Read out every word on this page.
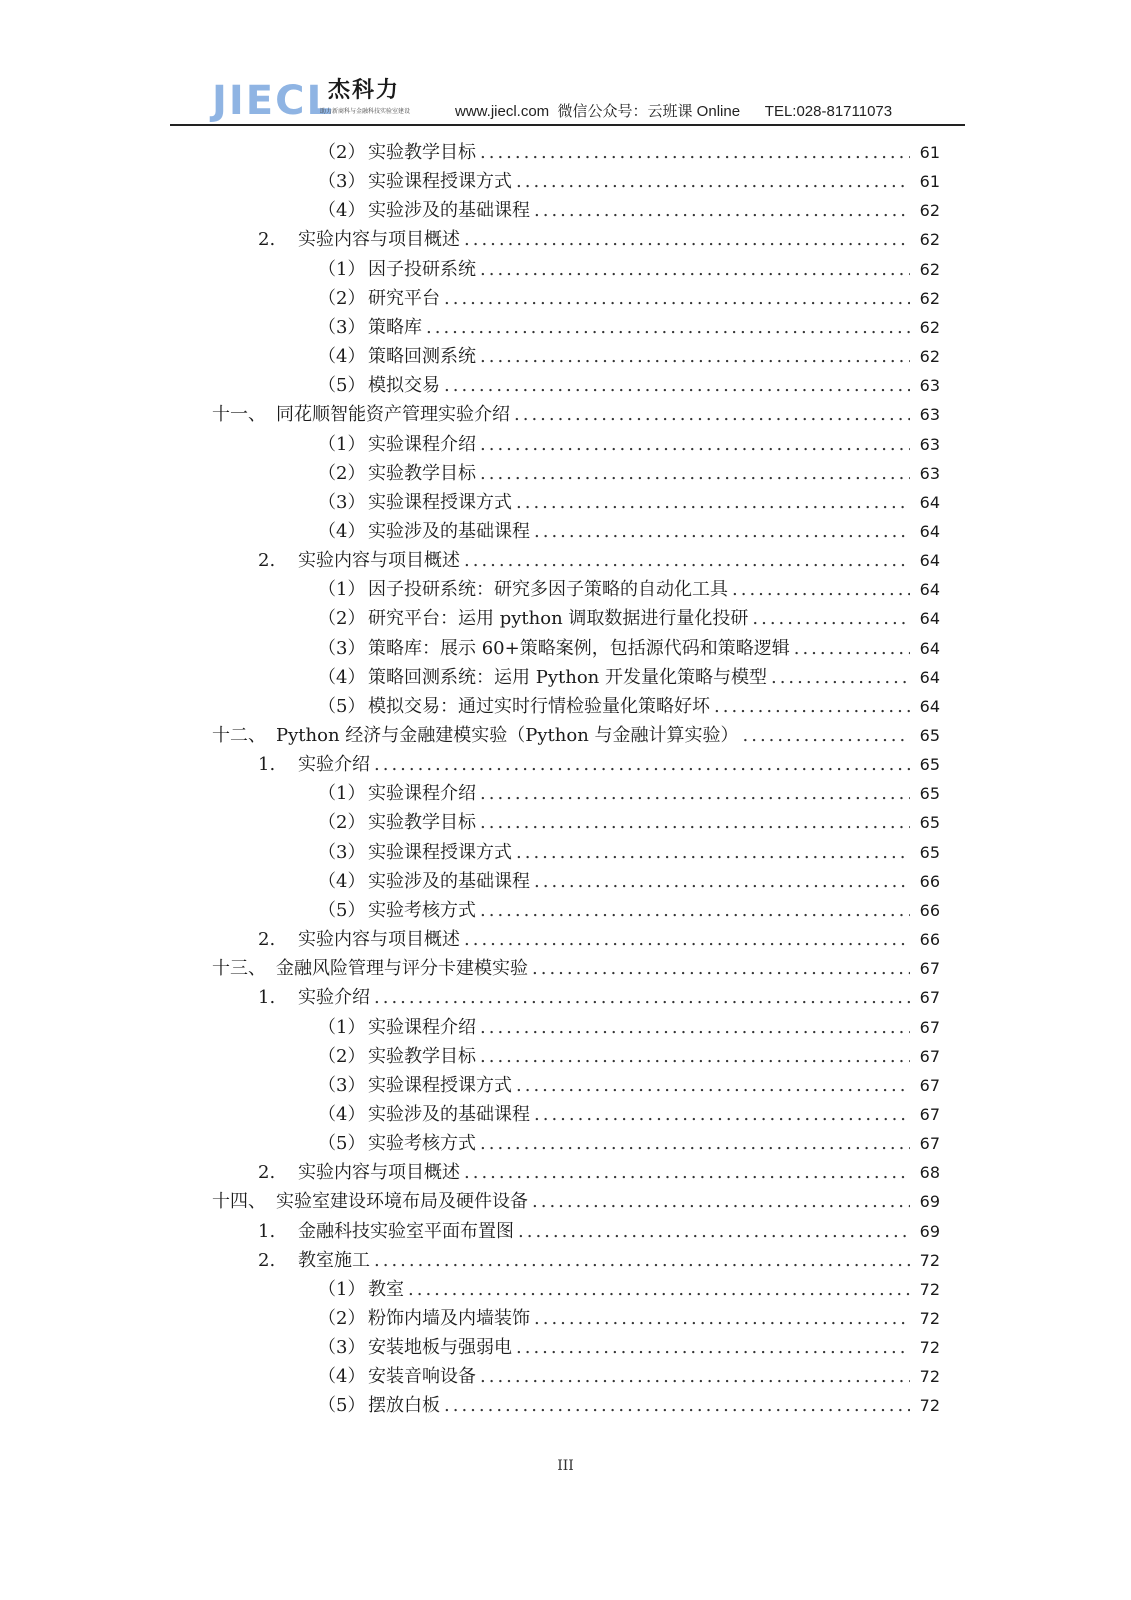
JIECL
杰科力
助力新商科与金融科技实验室建设	www.jiecl.com  微信公众号：云班课 Online      TEL:028-81711073
（2） 实验教学目标 .....	61
（3） 实验课程授课方式 .....	61
（4） 实验涉及的基础课程 .....	62
2.	实验内容与项目概述 .....	62
（1） 因子投研系统 .....	62
（2） 研究平台 .....	62
（3） 策略库 .....	62
（4） 策略回测系统 .....	62
（5） 模拟交易 .....	63
十一、 同花顺智能资产管理实验介绍 .....	63
（1） 实验课程介绍 .....	63
（2） 实验教学目标 .....	63
（3） 实验课程授课方式 .....	64
（4） 实验涉及的基础课程 .....	64
2.	实验内容与项目概述 .....	64
（1） 因子投研系统：研究多因子策略的自动化工具 .....	64
（2） 研究平台：运用 python 调取数据进行量化投研 .....	64
（3） 策略库：展示 60+策略案例，包括源代码和策略逻辑 .....	64
（4） 策略回测系统：运用 Python 开发量化策略与模型 .....	64
（5） 模拟交易：通过实时行情检验量化策略好坏 .....	64
十二、 Python 经济与金融建模实验（Python 与金融计算实验） .....	65
1.	实验介绍 .....	65
（1） 实验课程介绍 .....	65
（2） 实验教学目标 .....	65
（3） 实验课程授课方式 .....	65
（4） 实验涉及的基础课程 .....	66
（5） 实验考核方式 .....	66
2.	实验内容与项目概述 .....	66
十三、 金融风险管理与评分卡建模实验 .....	67
1.	实验介绍 .....	67
（1） 实验课程介绍 .....	67
（2） 实验教学目标 .....	67
（3） 实验课程授课方式 .....	67
（4） 实验涉及的基础课程 .....	67
（5） 实验考核方式 .....	67
2.	实验内容与项目概述 .....	68
十四、 实验室建设环境布局及硬件设备 .....	69
1.	金融科技实验室平面布置图 .....	69
2.	教室施工 .....	72
（1） 教室 .....	72
（2） 粉饰内墙及内墙装饰 .....	72
（3） 安装地板与强弱电 .....	72
（4） 安装音响设备 .....	72
（5） 摆放白板 .....	72
III
